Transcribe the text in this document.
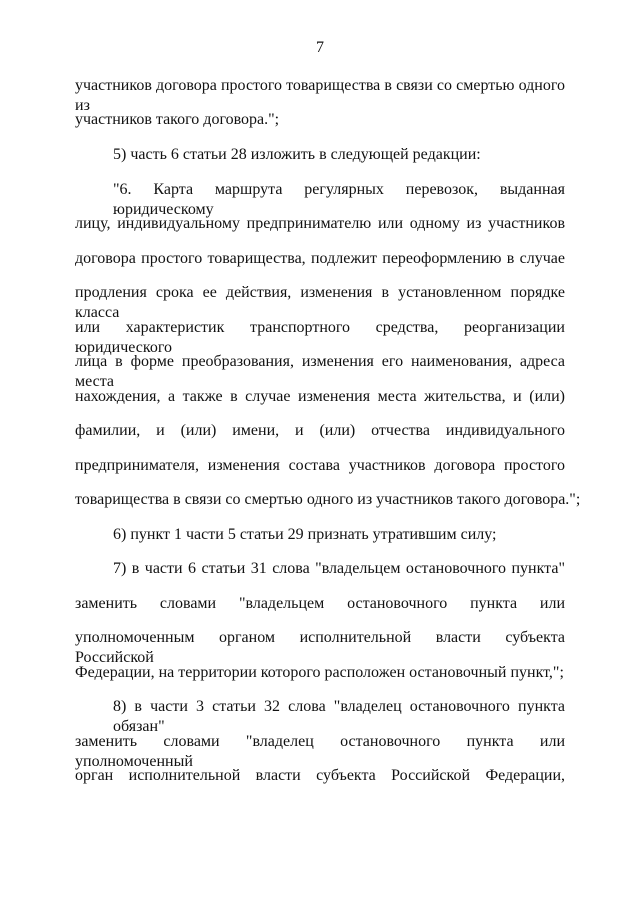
7
участников договора простого товарищества в связи со смертью одного из
участников такого договора.";
5) часть 6 статьи 28 изложить в следующей редакции:
"6. Карта маршрута регулярных перевозок, выданная юридическому
лицу, индивидуальному предпринимателю или одному из участников
договора простого товарищества, подлежит переоформлению в случае
продления срока ее действия, изменения в установленном порядке класса
или характеристик транспортного средства, реорганизации юридического
лица в форме преобразования, изменения его наименования, адреса места
нахождения, а также в случае изменения места жительства, и (или)
фамилии, и (или) имени, и (или) отчества индивидуального
предпринимателя, изменения состава участников договора простого
товарищества в связи со смертью одного из участников такого договора.";
6) пункт 1 части 5 статьи 29 признать утратившим силу;
7) в части 6 статьи 31 слова "владельцем остановочного пункта"
заменить словами "владельцем остановочного пункта или
уполномоченным органом исполнительной власти субъекта Российской
Федерации, на территории которого расположен остановочный пункт,";
8) в части 3 статьи 32 слова "владелец остановочного пункта обязан"
заменить словами "владелец остановочного пункта или уполномоченный
орган исполнительной власти субъекта Российской Федерации,
